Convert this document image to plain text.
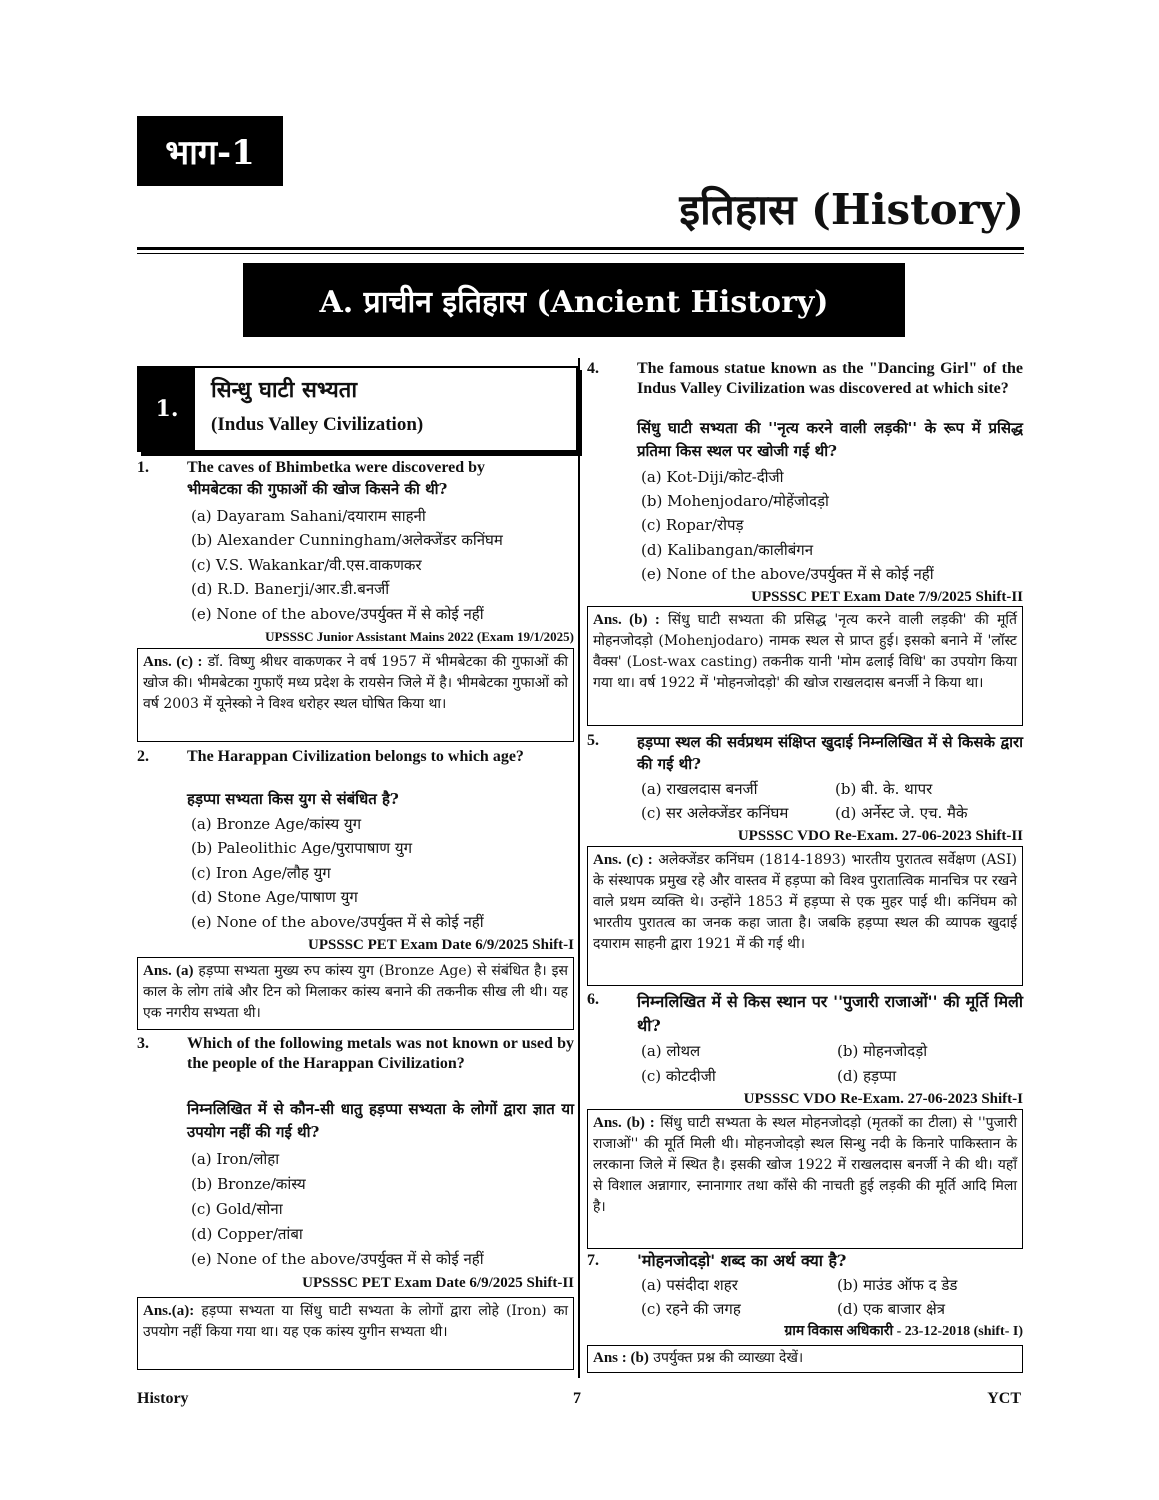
भाग-1
इतिहास (History)
A. प्राचीन इतिहास (Ancient History)
1.
सिन्धु घाटी सभ्यता
(Indus Valley Civilization)
1. The caves of Bhimbetka were discovered by
भीमबेटका की गुफाओं की खोज किसने की थी?
(a) Dayaram Sahani/दयाराम साहनी
(b) Alexander Cunningham/अलेक्जेंडर कनिंघम
(c) V.S. Wakankar/वी.एस.वाकणकर
(d) R.D. Banerji/आर.डी.बनर्जी
(e) None of the above/उपर्युक्त में से कोई नहीं
UPSSSC Junior Assistant Mains 2022 (Exam 19/1/2025)
Ans. (c) : डॉ. विष्णु श्रीधर वाकणकर ने वर्ष 1957 में भीमबेटका की गुफाओं की खोज की। भीमबेटका गुफाएँ मध्य प्रदेश के रायसेन जिले में है। भीमबेटका गुफाओं को वर्ष 2003 में यूनेस्को ने विश्व धरोहर स्थल घोषित किया था।
2. The Harappan Civilization belongs to which age?
हड़प्पा सभ्यता किस युग से संबंधित है?
(a) Bronze Age/कांस्य युग
(b) Paleolithic Age/पुरापाषाण युग
(c) Iron Age/लौह युग
(d) Stone Age/पाषाण युग
(e) None of the above/उपर्युक्त में से कोई नहीं
UPSSSC PET Exam Date 6/9/2025 Shift-I
Ans. (a) हड़प्पा सभ्यता मुख्य रुप कांस्य युग (Bronze Age) से संबंधित है। इस काल के लोग तांबे और टिन को मिलाकर कांस्य बनाने की तकनीक सीख ली थी। यह एक नगरीय सभ्यता थी।
3. Which of the following metals was not known or used by the people of the Harappan Civilization?
निम्नलिखित में से कौन-सी धातु हड़प्पा सभ्यता के लोगों द्वारा ज्ञात या उपयोग नहीं की गई थी?
(a) Iron/लोहा
(b) Bronze/कांस्य
(c) Gold/सोना
(d) Copper/तांबा
(e) None of the above/उपर्युक्त में से कोई नहीं
UPSSSC PET Exam Date 6/9/2025 Shift-II
Ans.(a): हड़प्पा सभ्यता या सिंधु घाटी सभ्यता के लोगों द्वारा लोहे (Iron) का उपयोग नहीं किया गया था। यह एक कांस्य युगीन सभ्यता थी।
4. The famous statue known as the "Dancing Girl" of the Indus Valley Civilization was discovered at which site?
सिंधु घाटी सभ्यता की ''नृत्य करने वाली लड़की'' के रूप में प्रसिद्ध प्रतिमा किस स्थल पर खोजी गई थी?
(a) Kot-Diji/कोट-दीजी
(b) Mohenjodaro/मोहेंजोदड़ो
(c) Ropar/रोपड़
(d) Kalibangan/कालीबंगन
(e) None of the above/उपर्युक्त में से कोई नहीं
UPSSSC PET Exam Date 7/9/2025 Shift-II
Ans. (b) : सिंधु घाटी सभ्यता की प्रसिद्ध 'नृत्य करने वाली लड़की' की मूर्ति मोहनजोदड़ो (Mohenjodaro) नामक स्थल से प्राप्त हुई। इसको बनाने में 'लॉस्ट वैक्स' (Lost-wax casting) तकनीक यानी 'मोम ढलाई विधि' का उपयोग किया गया था। वर्ष 1922 में 'मोहनजोदड़ो' की खोज राखलदास बनर्जी ने किया था।
5.	हड़प्पा स्थल की सर्वप्रथम संक्षिप्त खुदाई निम्नलिखित में से किसके द्वारा की गई थी?
(a) राखलदास बनर्जी	(b) बी. के. थापर
(c) सर अलेक्जेंडर कनिंघम	(d) अर्नेस्ट जे. एच. मैके
UPSSSC VDO Re-Exam. 27-06-2023 Shift-II
Ans. (c) : अलेक्जेंडर कनिंघम (1814-1893) भारतीय पुरातत्व सर्वेक्षण (ASI) के संस्थापक प्रमुख रहे और वास्तव में हड़प्पा को विश्व पुरातात्विक मानचित्र पर रखने वाले प्रथम व्यक्ति थे। उन्होंने 1853 में हड़प्पा से एक मुहर पाई थी। कनिंघम को भारतीय पुरातत्व का जनक कहा जाता है। जबकि हड़प्पा स्थल की व्यापक खुदाई दयाराम साहनी द्वारा 1921 में की गई थी।
6. निम्नलिखित में से किस स्थान पर ''पुजारी राजाओं'' की मूर्ति मिली थी?
(a) लोथल	(b) मोहनजोदड़ो
(c) कोटदीजी	(d) हड़प्पा
UPSSSC VDO Re-Exam. 27-06-2023 Shift-I
Ans. (b) : सिंधु घाटी सभ्यता के स्थल मोहनजोदड़ो (मृतकों का टीला) से ''पुजारी राजाओं'' की मूर्ति मिली थी। मोहनजोदड़ो स्थल सिन्धु नदी के किनारे पाकिस्तान के लरकाना जिले में स्थित है। इसकी खोज 1922 में राखलदास बनर्जी ने की थी। यहाँ से विशाल अन्नागार, स्नानागार तथा काँसे की नाचती हुई लड़की की मूर्ति आदि मिला है।
7. 'मोहनजोदड़ो' शब्द का अर्थ क्या है?
(a) पसंदीदा शहर	(b) माउंड ऑफ द डेड
(c) रहने की जगह	(d) एक बाजार क्षेत्र
ग्राम विकास अधिकारी - 23-12-2018 (shift- I)
Ans : (b) उपर्युक्त प्रश्न की व्याख्या देखें।
History	7	YCT
